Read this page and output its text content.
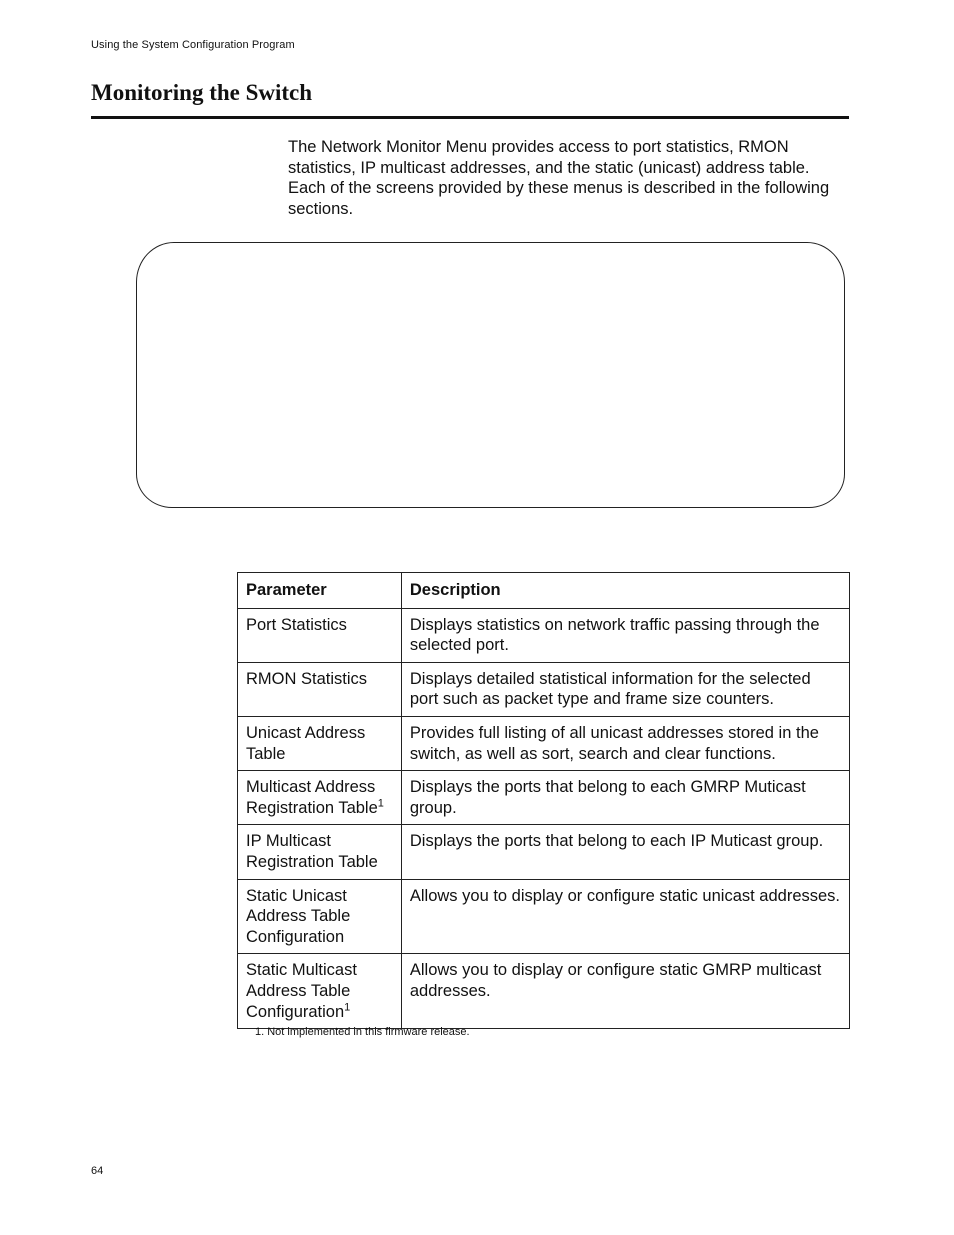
Using the System Configuration Program
Monitoring the Switch

The Network Monitor Menu provides access to port statistics, RMON statistics, IP multicast addresses, and the static (unicast) address table. Each of the screens provided by these menus is described in the following sections.

Parameter	Description
Port Statistics	Displays statistics on network traffic passing through the selected port.
RMON Statistics	Displays detailed statistical information for the selected port such as packet type and frame size counters.
Unicast Address Table	Provides full listing of all unicast addresses stored in the switch, as well as sort, search and clear functions.
Multicast Address Registration Table$^1$	Displays the ports that belong to each GMRP Muticast group.
IP Multicast Registration Table	Displays the ports that belong to each IP Muticast group.
Static Unicast Address Table Configuration	Allows you to display or configure static unicast addresses.
Static Multicast Address Table Configuration$^1$	Allows you to display or configure static GMRP multicast addresses.
1. Not implemented in this firmware release.
64
